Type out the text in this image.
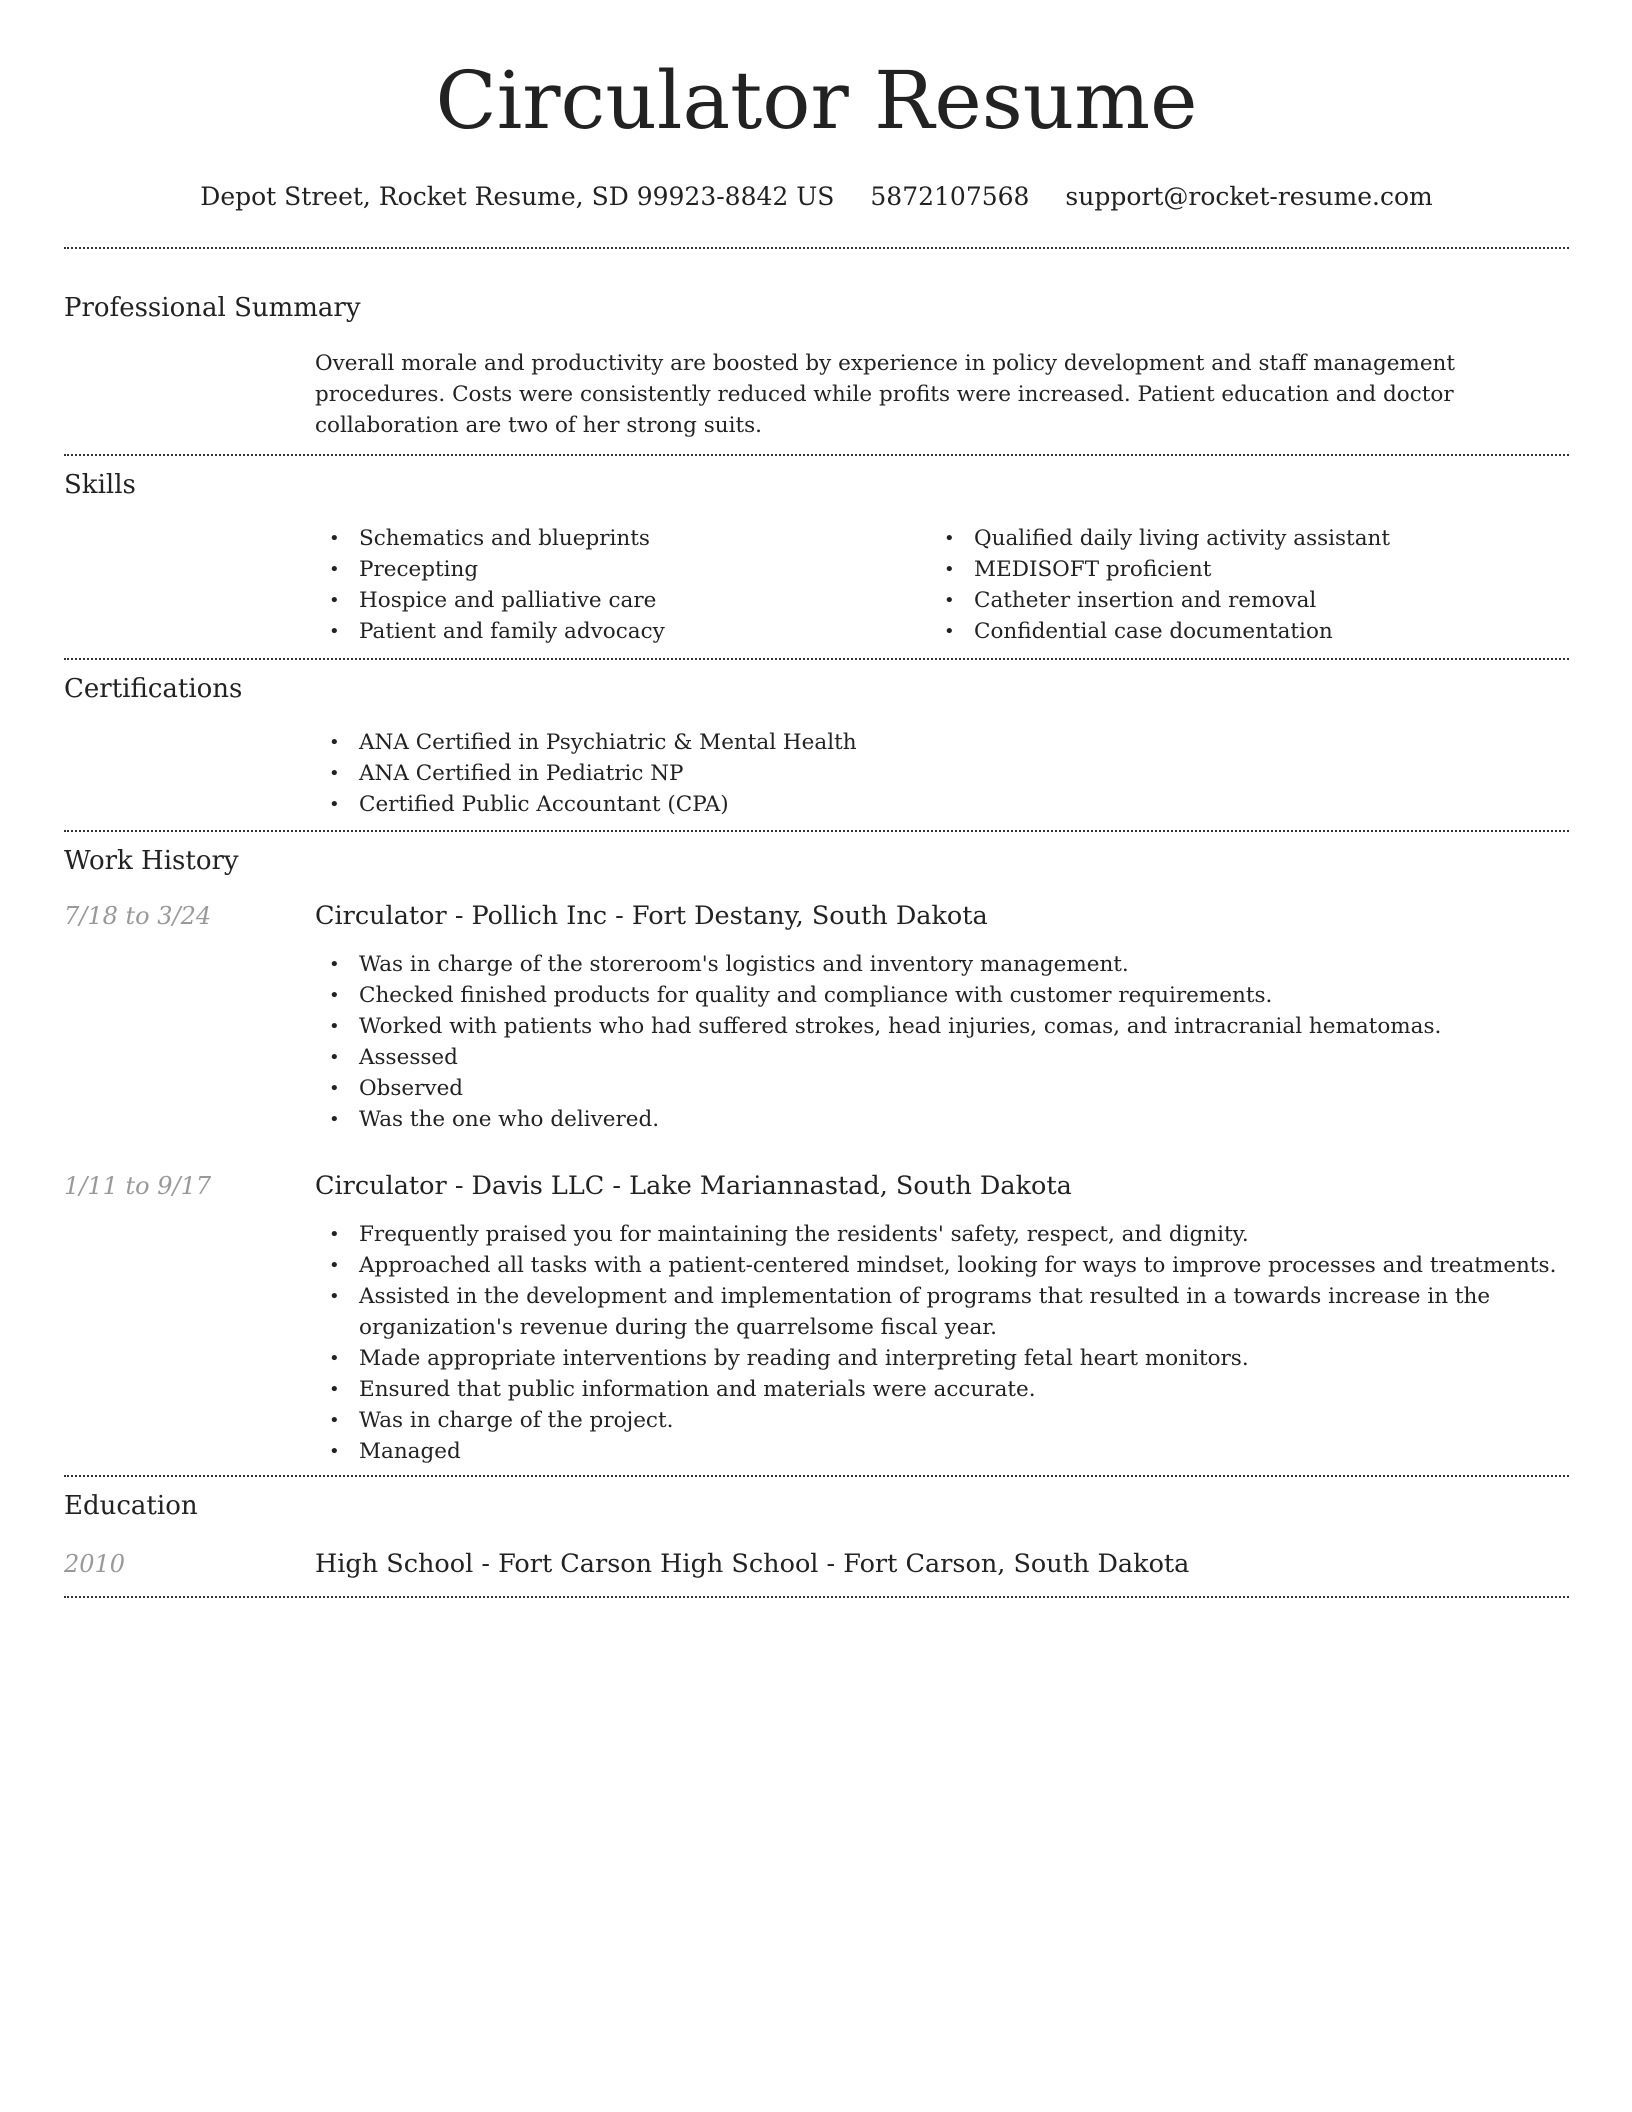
Circulator Resume
Depot Street, Rocket Resume, SD 99923-8842 US 5872107568 support@rocket-resume.com
Professional Summary
Overall morale and productivity are boosted by experience in policy development and staff management procedures. Costs were consistently reduced while profits were increased. Patient education and doctor collaboration are two of her strong suits.
Skills
• Schematics and blueprints
• Precepting
• Hospice and palliative care
• Patient and family advocacy
• Qualified daily living activity assistant
• MEDISOFT proficient
• Catheter insertion and removal
• Confidential case documentation
Certifications
• ANA Certified in Psychiatric & Mental Health
• ANA Certified in Pediatric NP
• Certified Public Accountant (CPA)
Work History
7/18 to 3/24	Circulator - Pollich Inc - Fort Destany, South Dakota
• Was in charge of the storeroom's logistics and inventory management.
• Checked finished products for quality and compliance with customer requirements.
• Worked with patients who had suffered strokes, head injuries, comas, and intracranial hematomas.
• Assessed
• Observed
• Was the one who delivered.
1/11 to 9/17	Circulator - Davis LLC - Lake Mariannastad, South Dakota
• Frequently praised you for maintaining the residents' safety, respect, and dignity.
• Approached all tasks with a patient-centered mindset, looking for ways to improve processes and treatments.
• Assisted in the development and implementation of programs that resulted in a towards increase in the organization's revenue during the quarrelsome fiscal year.
• Made appropriate interventions by reading and interpreting fetal heart monitors.
• Ensured that public information and materials were accurate.
• Was in charge of the project.
• Managed
Education
2010	High School - Fort Carson High School - Fort Carson, South Dakota
